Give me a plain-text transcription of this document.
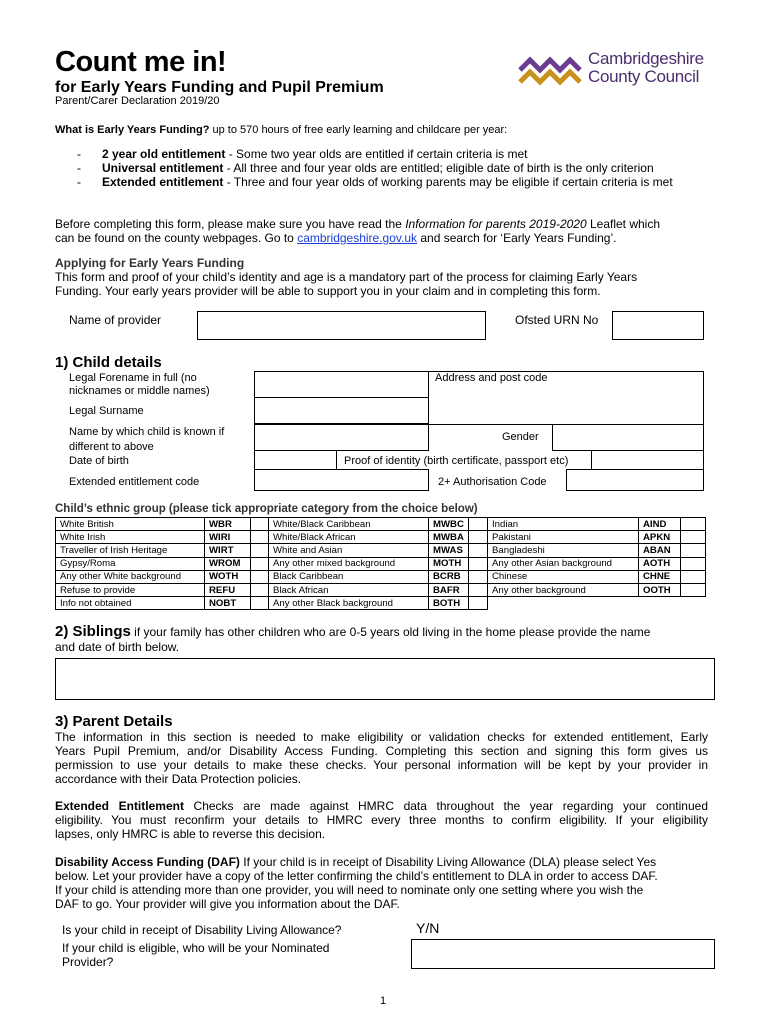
Count me in!
for Early Years Funding and Pupil Premium
Parent/Carer Declaration 2019/20
Cambridgeshire
County Council
What is Early Years Funding? up to 570 hours of free early learning and childcare per year:
- 2 year old entitlement - Some two year olds are entitled if certain criteria is met
- Universal entitlement - All three and four year olds are entitled; eligible date of birth is the only criterion
- Extended entitlement - Three and four year olds of working parents may be eligible if certain criteria is met
Before completing this form, please make sure you have read the Information for parents 2019-2020 Leaflet which
can be found on the county webpages. Go to cambridgeshire.gov.uk and search for ‘Early Years Funding’.
Applying for Early Years Funding
This form and proof of your child’s identity and age is a mandatory part of the process for claiming Early Years
Funding. Your early years provider will be able to support you in your claim and in completing this form.
Name of provider	Ofsted URN No
1) Child details
Legal Forename in full (no
nicknames or middle names)
Address and post code
Legal Surname
Name by which child is known if
different to above
Gender
Date of birth	Proof of identity (birth certificate, passport etc)
Extended entitlement code	2+ Authorisation Code
Child’s ethnic group (please tick appropriate category from the choice below)
White British	WBR		White/Black Caribbean	MWBC		Indian	AIND	
White Irish	WIRI		White/Black African	MWBA		Pakistani	APKN	
Traveller of Irish Heritage	WIRT		White and Asian	MWAS		Bangladeshi	ABAN	
Gypsy/Roma	WROM		Any other mixed background	MOTH		Any other Asian background	AOTH	
Any other White background	WOTH		Black Caribbean	BCRB		Chinese	CHNE	
Refuse to provide	REFU		Black African	BAFR		Any other background	OOTH	
Info not obtained	NOBT		Any other Black background	BOTH				
2) Siblings if your family has other children who are 0-5 years old living in the home please provide the name
and date of birth below.
3) Parent Details
The information in this section is needed to make eligibility or validation checks for extended entitlement, Early
Years Pupil Premium, and/or Disability Access Funding. Completing this section and signing this form gives us
permission to use your details to make these checks. Your personal information will be kept by your provider in
accordance with their Data Protection policies.
Extended Entitlement Checks are made against HMRC data throughout the year regarding your continued
eligibility. You must reconfirm your details to HMRC every three months to confirm eligibility. If your eligibility
lapses, only HMRC is able to reverse this decision.
Disability Access Funding (DAF) If your child is in receipt of Disability Living Allowance (DLA) please select Yes
below. Let your provider have a copy of the letter confirming the child’s entitlement to DLA in order to access DAF.
If your child is attending more than one provider, you will need to nominate only one setting where you wish the
DAF to go. Your provider will give you information about the DAF.
Is your child in receipt of Disability Living Allowance?	Y/N
If your child is eligible, who will be your Nominated
Provider?
1
